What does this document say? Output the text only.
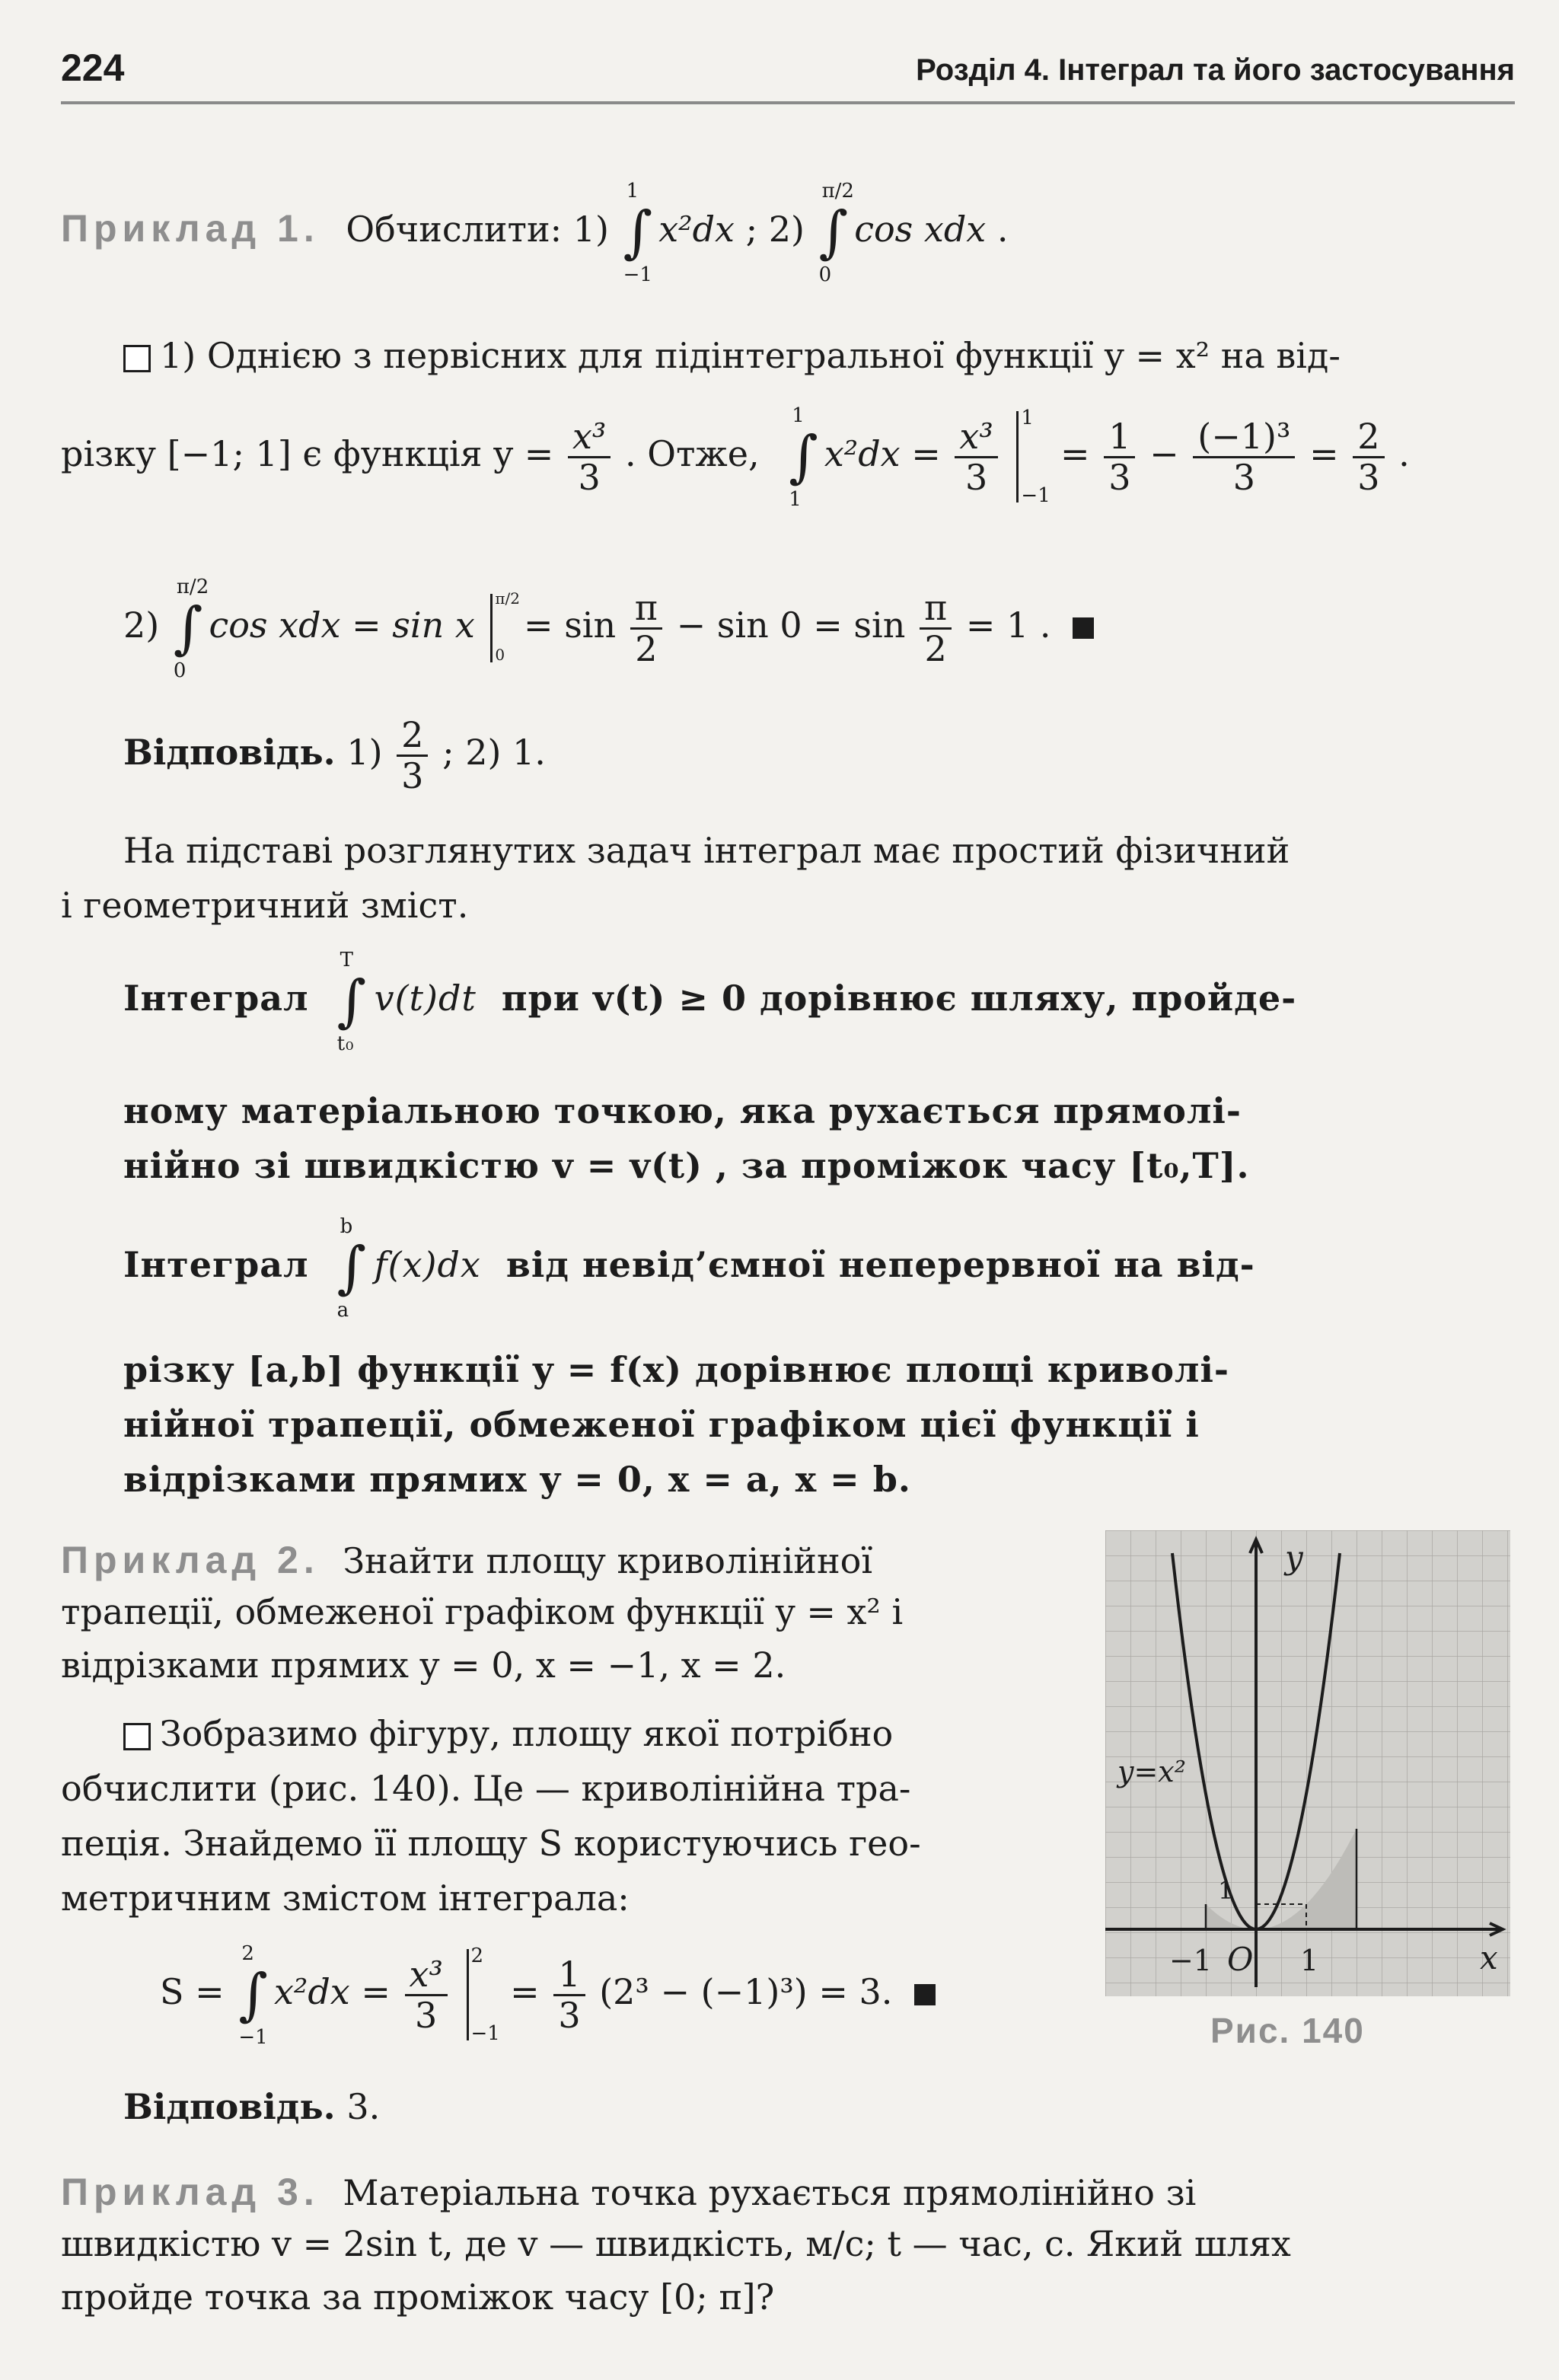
224	Розділ 4. Інтеграл та його застосування
Приклад 1. Обчислити: 1)
1
∫
−1
x²dx ; 2)
π/2
∫
0
cos xdx .
1) Однією з первісних для підінтегральної функції y = x² на від-
різку [−1; 1] є функція $y = \frac{\text{x³}}{3}$ . Отже,
1
∫
1
$x^2dx = \frac{\text{x³}}{3}$
1
−1
= $\frac{1}{3} - \frac{\text{(−1)³}}{3} = \frac{2}{3}$ .
2)
π/2
∫
0
cos xdx = sin x
π/2
0
= $\sin \frac{\pi}{2} - \sin 0 = \sin \frac{\pi}{2} = 1$ .
Відповідь. $1) \frac{2}{3}$ ; 2) 1.
На підставі розглянутих задач інтеграл має простий фізичний
і геометричний зміст.
Інтеграл
T
∫
t₀
v(t)dt при v(t) ≥ 0 дорівнює шляху, пройде-
ному матеріальною точкою, яка рухається прямолі-
нійно зі швидкістю v = v(t) , за проміжок часу [t₀,T].
Інтеграл
b
∫
a
f(x)dx від невід’ємної неперервної на від-
різку [a,b] функції y = f(x) дорівнює площі криволі-
нійної трапеції, обмеженої графіком цієї функції і
відрізками прямих y = 0, x = a, x = b.
Приклад 2. Знайти площу криволінійної
трапеції, обмеженої графіком функції y = x² і
відрізками прямих y = 0, x = −1, x = 2.
Зобразимо фігуру, площу якої потрібно
обчислити (рис. 140). Це — криволінійна тра-
пеція. Знайдемо її площу S користуючись гео-
метричним змістом інтеграла:
S =
2
∫
−1
$x^2dx = \frac{\text{x³}}{3}$
2
−1
= $\frac{1}{3} (2^3 - (-1)^3) = 3$.
Відповідь. 3.
y
x
y=x²
1
−1 O 1
Рис. 140
Приклад 3. Матеріальна точка рухається прямолінійно зі
швидкістю v = 2sin t, де v — швидкість, м/с; t — час, с. Який шлях
пройде точка за проміжок часу [0; π]?
